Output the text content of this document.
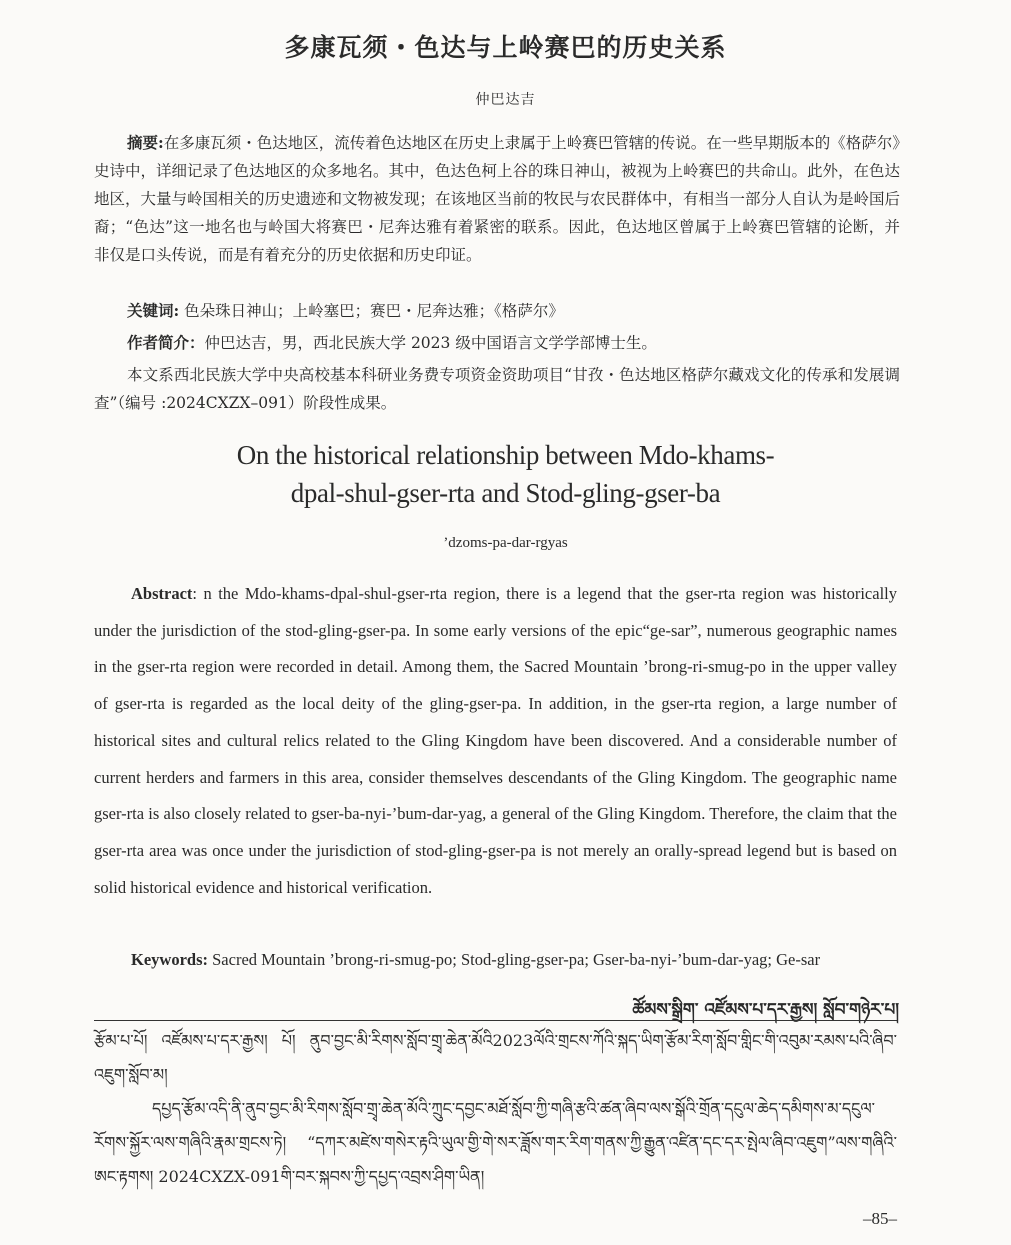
多康瓦须・色达与上岭赛巴的历史关系
仲巴达吉
摘要:在多康瓦须・色达地区，流传着色达地区在历史上隶属于上岭赛巴管辖的传说。在一些早期版本的《格萨尔》史诗中，详细记录了色达地区的众多地名。其中，色达色柯上谷的珠日神山，被视为上岭赛巴的共命山。此外，在色达地区，大量与岭国相关的历史遗迹和文物被发现；在该地区当前的牧民与农民群体中，有相当一部分人自认为是岭国后裔；“色达”这一地名也与岭国大将赛巴・尼奔达雅有着紧密的联系。因此，色达地区曾属于上岭赛巴管辖的论断，并非仅是口头传说，而是有着充分的历史依据和历史印证。
关键词: 色朵珠日神山；上岭塞巴；赛巴・尼奔达雅；《格萨尔》
作者简介：仲巴达吉，男，西北民族大学 2023 级中国语言文学学部博士生。
本文系西北民族大学中央高校基本科研业务费专项资金资助项目“甘孜・色达地区格萨尔藏戏文化的传承和发展调查”（编号 :2024CXZX–091）阶段性成果。
On the historical relationship between Mdo-khams-
dpal-shul-gser-rta and Stod-gling-gser-ba
’dzoms-pa-dar-rgyas
Abstract: n the Mdo-khams-dpal-shul-gser-rta region, there is a legend that the gser-rta region was historically under the jurisdiction of the stod-gling-gser-pa. In some early versions of the epic“ge-sar”, numerous geographic names in the gser-rta region were recorded in detail. Among them, the Sacred Mountain ’brong-ri-smug-po in the upper valley of gser-rta is regarded as the local deity of the gling-gser-pa. In addition, in the gser-rta region, a large number of historical sites and cultural relics related to the Gling Kingdom have been discovered. And a considerable number of current herders and farmers in this area, consider themselves descendants of the Gling Kingdom. The geographic name gser-rta is also closely related to gser-ba-nyi-’bum-dar-yag, a general of the Gling Kingdom. Therefore, the claim that the gser-rta area was once under the jurisdiction of stod-gling-gser-pa is not merely an orally-spread legend but is based on solid historical evidence and historical verification.
Keywords: Sacred Mountain ’brong-ri-smug-po; Stod-gling-gser-pa; Gser-ba-nyi-’bum-dar-yag; Ge-sar
ཚོམས་སྒྲིག་ འཛོམས་པ་དར་རྒྱས། སློབ་གཉེར་པ།
རྩོམ་པ་པོ། འཛོམས་པ་དར་རྒྱས། པོ། ནུབ་བྱང་མི་རིགས་སློབ་གྲྭ་ཆེན་མོའི2023ལོའི་གྲངས་ཀོའི་སྐད་ཡིག་རྩོམ་རིག་སློབ་གླིང་གི་འབུམ་རམས་པའི་ཞིབ་འཇུག་སློབ་མ།
དཔྱད་རྩོམ་འདི་ནི་ནུབ་བྱང་མི་རིགས་སློབ་གྲྭ་ཆེན་མོའི་ཀྲུང་དབྱང་མཐོ་སློབ་ཀྱི་གཞི་རྩའི་ཚན་ཞིབ་ལས་སྒོའི་གྲོན་དངུལ་ཆེད་དམིགས་མ་དངུལ་རོགས་སྐྱོར་ལས་གཞིའི་རྣམ་གྲངས་ཏེ། “དཀར་མཛེས་གསེར་རྟའི་ཡུལ་གྱི་གེ་སར་ཟློས་གར་རིག་གནས་ཀྱི་རྒྱུན་འཛིན་དང་དར་སྤེལ་ཞིབ་འཇུག”ལས་གཞིའི་ཨང་རྟགས། 2024CXZX-091གི་བར་སྐབས་ཀྱི་དཔྱད་འབྲས་ཤིག་ཡིན།
–85–
